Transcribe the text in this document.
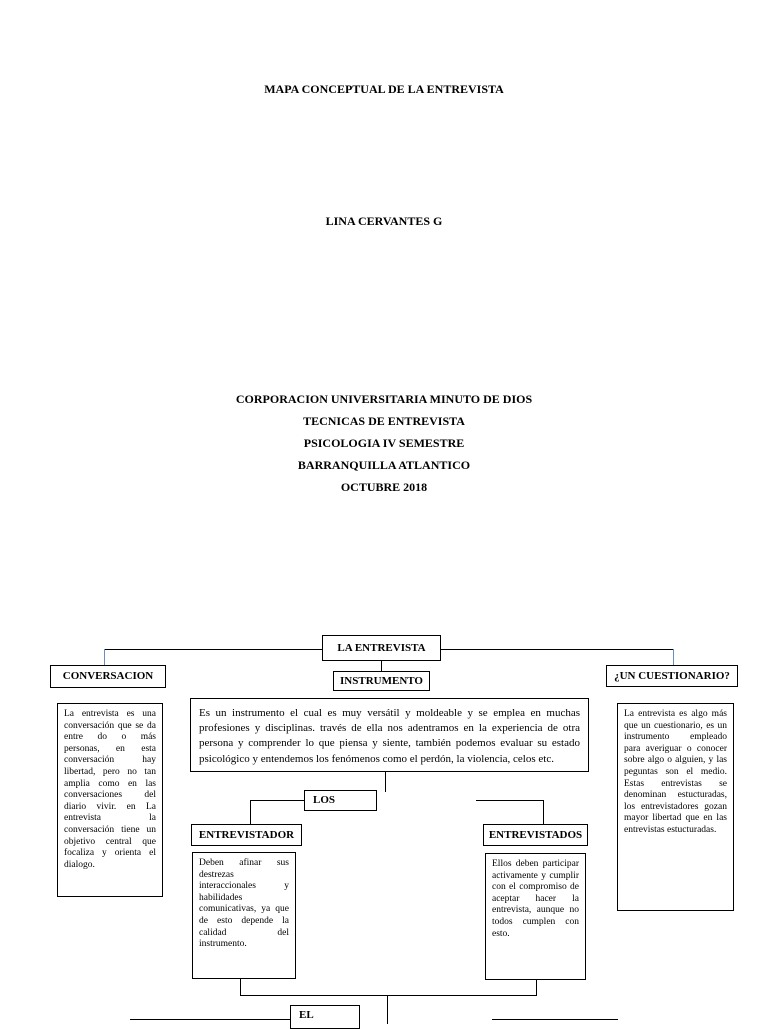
MAPA CONCEPTUAL DE LA ENTREVISTA
LINA CERVANTES G
CORPORACION UNIVERSITARIA MINUTO DE DIOS
TECNICAS DE ENTREVISTA
PSICOLOGIA IV SEMESTRE
BARRANQUILLA ATLANTICO
OCTUBRE 2018
LA ENTREVISTA
CONVERSACION
La entrevista es una conversación que se da entre do o más personas, en esta conversación hay libertad, pero no tan amplia como en las conversaciones del diario vivir. en La entrevista la conversación tiene un objetivo central que focaliza y orienta el dialogo.
INSTRUMENTO
Es un instrumento el cual es muy versátil y moldeable y se emplea en muchas profesiones y disciplinas. través de ella nos adentramos en la experiencia de otra persona y comprender lo que piensa y siente, también podemos evaluar su estado psicológico y entendemos los fenómenos como el perdón, la violencia, celos etc.
¿UN CUESTIONARIO?
La entrevista es algo más que un cuestionario, es un instrumento empleado para averiguar o conocer sobre algo o alguien, y las peguntas son el medio. Estas entrevistas se denominan estucturadas, los entrevistadores gozan mayor libertad que en las entrevistas estucturadas.
LOS
ENTREVISTADOR
Deben afinar sus destrezas interaccionales y habilidades comunicativas, ya que de esto depende la calidad del instrumento.
ENTREVISTADOS
Ellos deben participar activamente y cumplir con el compromiso de aceptar hacer la entrevista, aunque no todos cumplen con esto.
EL
